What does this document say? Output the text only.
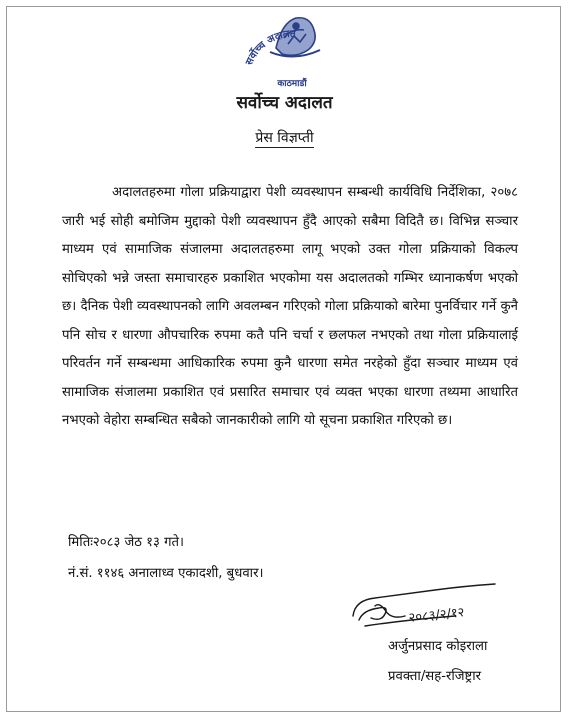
सर्वोच्च अदालत
काठमाडौं
सर्वोच्च अदालत
प्रेस विज्ञप्ती

अदालतहरुमा गोला प्रक्रियाद्वारा पेशी व्यवस्थापन सम्बन्धी कार्यविधि निर्देशिका, २०७८ जारी भई सोही बमोजिम मुद्दाको पेशी व्यवस्थापन हुँदै आएको सबैमा विदितै छ। विभिन्न सञ्चार माध्यम एवं सामाजिक संजालमा अदालतहरुमा लागू भएको उक्त गोला प्रक्रियाको विकल्प सोचिएको भन्ने जस्ता समाचारहरु प्रकाशित भएकोमा यस अदालतको गम्भिर ध्यानाकर्षण भएको छ। दैनिक पेशी व्यवस्थापनको लागि अवलम्बन गरिएको गोला प्रक्रियाको बारेमा पुनर्विचार गर्ने कुनै पनि सोच र धारणा औपचारिक रुपमा कतै पनि चर्चा र छलफल नभएको तथा गोला प्रक्रियालाई परिवर्तन गर्ने सम्बन्धमा आधिकारिक रुपमा कुनै धारणा समेत नरहेको हुँदा सञ्चार माध्यम एवं सामाजिक संजालमा प्रकाशित एवं प्रसारित समाचार एवं व्यक्त भएका धारणा तथ्यमा आधारित नभएको वेहोरा सम्बन्धित सबैको जानकारीको लागि यो सूचना प्रकाशित गरिएको छ।

मितिः२०८३ जेठ १३ गते।
नं.सं. ११४६ अनालाध्व एकादशी, बुधवार।
२०८३/२/१२
अर्जुनप्रसाद कोइराला
प्रवक्ता/सह-रजिष्ट्रार
